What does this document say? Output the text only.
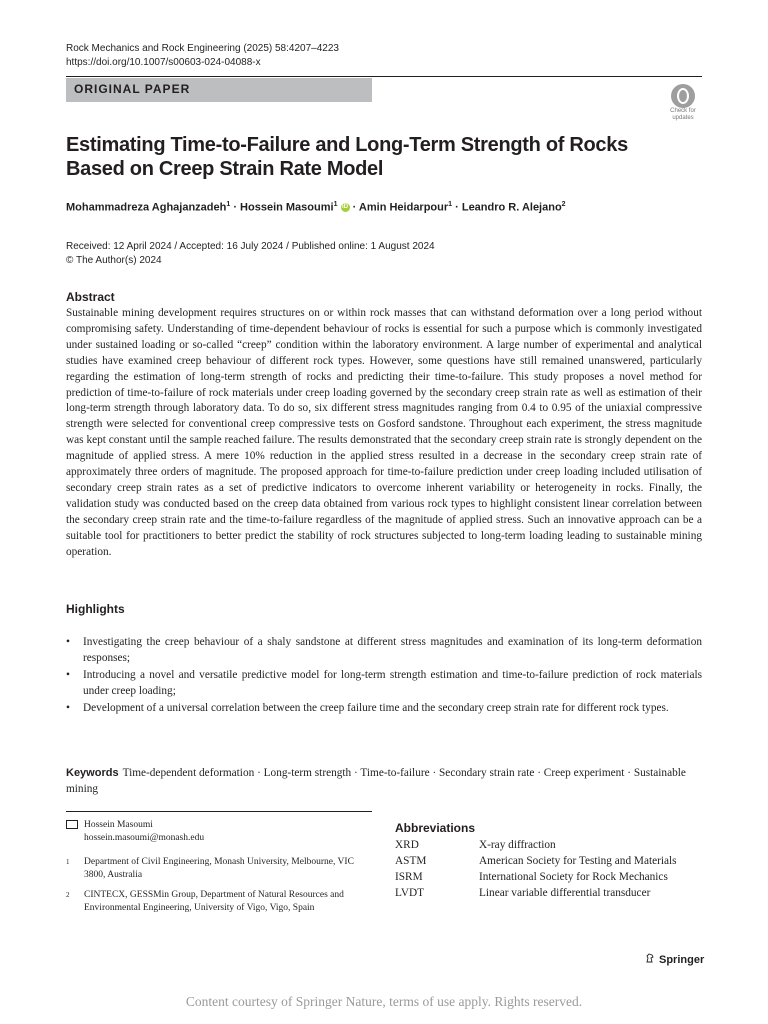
Rock Mechanics and Rock Engineering (2025) 58:4207–4223
https://doi.org/10.1007/s00603-024-04088-x
ORIGINAL PAPER
Check for updates
Estimating Time-to-Failure and Long-Term Strength of Rocks Based on Creep Strain Rate Model
Mohammadreza Aghajanzadeh$^1$ · Hossein Masoumi$^1$ iD · Amin Heidarpour$^1$ · Leandro R. Alejano$^2$
Received: 12 April 2024 / Accepted: 16 July 2024 / Published online: 1 August 2024
© The Author(s) 2024
Abstract
Sustainable mining development requires structures on or within rock masses that can withstand deformation over a long period without compromising safety. Understanding of time-dependent behaviour of rocks is essential for such a purpose which is commonly investigated under sustained loading or so-called “creep” condition within the laboratory environment. A large number of experimental and analytical studies have examined creep behaviour of different rock types. However, some questions have still remained unanswered, particularly regarding the estimation of long-term strength of rocks and predicting their time-to-failure. This study proposes a novel method for prediction of time-to-failure of rock materials under creep loading governed by the secondary creep strain rate as well as estimation of their long-term strength through laboratory data. To do so, six different stress magnitudes ranging from 0.4 to 0.95 of the uniaxial compressive strength were selected for conventional creep compressive tests on Gosford sandstone. Throughout each experiment, the stress magnitude was kept constant until the sample reached failure. The results demonstrated that the secondary creep strain rate is strongly dependent on the magnitude of applied stress. A mere 10% reduction in the applied stress resulted in a decrease in the secondary creep strain rate of approximately three orders of magnitude. The proposed approach for time-to-failure prediction under creep loading included utilisation of secondary creep strain rates as a set of predictive indicators to overcome inherent variability or heterogeneity in rocks. Finally, the validation study was conducted based on the creep data obtained from various rock types to highlight consistent linear correlation between the secondary creep strain rate and the time-to-failure regardless of the magnitude of applied stress. Such an innovative approach can be a suitable tool for practitioners to better predict the stability of rock structures subjected to long-term loading leading to sustainable mining operation.
Highlights
• Investigating the creep behaviour of a shaly sandstone at different stress magnitudes and examination of its long-term deformation responses;
• Introducing a novel and versatile predictive model for long-term strength estimation and time-to-failure prediction of rock materials under creep loading;
• Development of a universal correlation between the creep failure time and the secondary creep strain rate for different rock types.
Keywords Time-dependent deformation · Long-term strength · Time-to-failure · Secondary strain rate · Creep experiment · Sustainable mining
Hossein Masoumi
hossein.masoumi@monash.edu
1	Department of Civil Engineering, Monash University, Melbourne, VIC 3800, Australia
2	CINTECX, GESSMin Group, Department of Natural Resources and Environmental Engineering, University of Vigo, Vigo, Spain
Abbreviations
XRD	X-ray diffraction
ASTM	American Society for Testing and Materials
ISRM	International Society for Rock Mechanics
LVDT	Linear variable differential transducer
Springer
Content courtesy of Springer Nature, terms of use apply. Rights reserved.
